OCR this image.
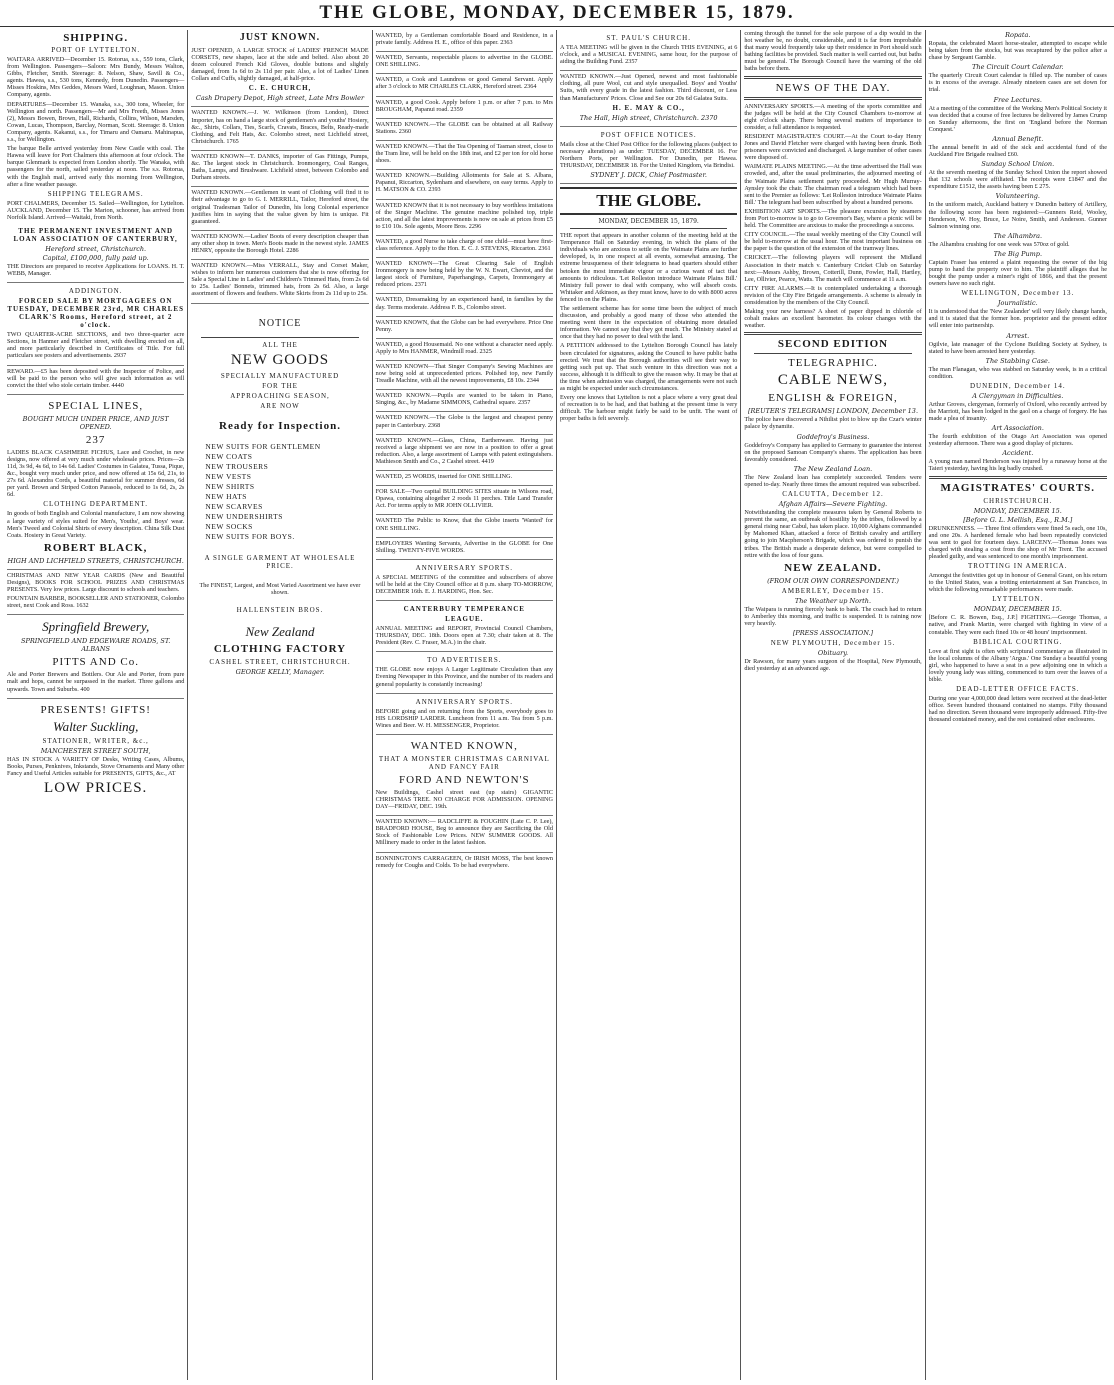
THE GLOBE, MONDAY, DECEMBER 15, 1879.
SHIPPING.
PORT OF LYTTELTON.

WAITARA ARRIVED—December 15. Rotorua, s.s., 559 tons, Clark, from Wellington. Passengers—Saloon: Mrs Bundy, Messrs Walton, Gibbs, Fletcher, Smith. Steerage: 8. Nelson, Shaw, Savill & Co., agents. Hawea, s.s., 530 tons, Kennedy, from Dunedin. Passengers—Misses Hoskins, Mrs Geddes, Messrs Ward, Loughnan, Mason. Union Company, agents.

DEPARTURES—December 15. Wanaka, s.s., 300 tons, Wheeler, for Wellington and north. Passengers—Mr and Mrs Freeth, Misses Jones (2), Messrs Bowen, Brown, Hall, Richards, Collins, Wilson, Marsden, Cowan, Lucas, Thompson, Barclay, Norman, Scott. Steerage: 8. Union Company, agents. Kakanui, s.s., for Timaru and Oamaru. Mahinapua, s.s., for Wellington.

The barque Belle arrived yesterday from New Castle with coal. The Hawea will leave for Port Chalmers this afternoon at four o'clock. The barque Glenmark is expected from London shortly. The Wanaka, with passengers for the north, sailed yesterday at noon. The s.s. Rotorua, with the English mail, arrived early this morning from Wellington, after a fine weather passage.

SHIPPING TELEGRAMS.

PORT CHALMERS, December 15. Sailed—Wellington, for Lyttelton. AUCKLAND, December 15. The Marion, schooner, has arrived from Norfolk Island. Arrived—Waitaki, from North.

THE PERMANENT INVESTMENT AND LOAN ASSOCIATION OF CANTERBURY,
Hereford street, Christchurch.
Capital, £100,000, fully paid up.

THE Directors are prepared to receive Applications for LOANS. H. T. WEBB, Manager.

ADDINGTON.
FORCED SALE BY MORTGAGEES ON TUESDAY, DECEMBER 23rd, MR CHARLES CLARK'S Rooms, Hereford street, at 2 o'clock.

TWO QUARTER-ACRE SECTIONS, and two three-quarter acre Sections, in Hanmer and Fletcher street, with dwelling erected on all, and more particularly described in Certificates of Title. For full particulars see posters and advertisements. 2937

REWARD.—£5 has been deposited with the Inspector of Police, and will be paid to the person who will give such information as will convict the thief who stole certain timber. 4440

SPECIAL LINES,
BOUGHT MUCH UNDER PRICE, AND JUST OPENED.
237

LADIES BLACK CASHMERE FICHUS, Lace and Crochet, in new designs, now offered at very much under wholesale prices. Prices—2s 11d, 3s 9d, 4s 6d, to 14s 6d. Ladies' Costumes in Galatea, Tussa, Pique, &c., bought very much under price, and now offered at 15s 6d, 21s, to 27s 6d. Alexandra Cords, a beautiful material for summer dresses, 6d per yard. Brown and Striped Cotton Parasols, reduced to 1s 6d, 2s, 2s 6d.

CLOTHING DEPARTMENT.

In goods of both English and Colonial manufacture, I am now showing a large variety of styles suited for Men's, Youths', and Boys' wear. Men's Tweed and Colonial Shirts of every description. China Silk Dust Coats. Hosiery in Great Variety.

ROBERT BLACK,
HIGH AND LICHFIELD STREETS, CHRISTCHURCH.

CHRISTMAS AND NEW YEAR CARDS (New and Beautiful Designs), BOOKS FOR SCHOOL PRIZES AND CHRISTMAS PRESENTS. Very low prices. Large discount to schools and teachers.

FOUNTAIN BARBER, BOOKSELLER AND STATIONER, Colombo street, next Cook and Ross. 1632

Springfield Brewery,
SPRINGFIELD AND EDGEWARE ROADS, ST. ALBANS
PITTS AND Co.

Ale and Porter Brewers and Bottlers. Our Ale and Porter, from pure malt and hops, cannot be surpassed in the market. Three gallons and upwards. Town and Suburbs. 400

PRESENTS! GIFTS!
Walter Suckling,
STATIONER, WRITER, &c.,
MANCHESTER STREET SOUTH,

HAS IN STOCK A VARIETY OF Desks, Writing Cases, Albums, Books, Purses, Penknives, Inkstands, Stove Ornaments and Many other Fancy and Useful Articles suitable for PRESENTS, GIFTS, &c., AT

LOW PRICES.
JUST KNOWN.

JUST OPENED, A LARGE STOCK of LADIES' FRENCH MADE CORSETS, new shapes, lace at the side and belted. Also about 20 dozen coloured French Kid Gloves, double buttons and slightly damaged, from 1s 6d to 2s 11d per pair. Also, a lot of Ladies' Linen Collars and Cuffs, slightly damaged, at half-price.

C. E. CHURCH,
Cash Drapery Depot, High street, Late Mrs Bowler

WANTED KNOWN.—J. W. Wilkinson (from London), Direct Importer, has on hand a large stock of gentlemen's and youths' Hosiery, &c., Shirts, Collars, Ties, Scarfs, Cravats, Braces, Belts, Ready-made Clothing, and Felt Hats, &c. Colombo street, next Lichfield street, Christchurch. 1765

WANTED KNOWN—T. DANKS, importer of Gas Fittings, Pumps, &c. The largest stock in Christchurch. Ironmongery, Coal Ranges, Baths, Lamps, and Brushware. Lichfield street, between Colombo and Durham streets.

WANTED KNOWN.—Gentlemen in want of Clothing will find it to their advantage to go to G. I. MERRILL, Tailor, Hereford street, the original Tradesman Tailor of Dunedin, his long Colonial experience justifies him in saying that the value given by him is unique. Fit guaranteed.

WANTED KNOWN.—Ladies' Boots of every description cheaper than any other shop in town. Men's Boots made in the newest style. JAMES HENRY, opposite the Borough Hotel. 2286

WANTED KNOWN.—Miss VERRALL, Stay and Corset Maker, wishes to inform her numerous customers that she is now offering for Sale a Special Line in Ladies' and Children's Trimmed Hats, from 2s 6d to 25s. Ladies' Bonnets, trimmed hats, from 2s 6d. Also, a large assortment of flowers and feathers. White Skirts from 2s 11d up to 25s.

NOTICE
ALL THE
NEW GOODS
SPECIALLY MANUFACTURED
FOR THE
APPROACHING SEASON,
ARE NOW
Ready for Inspection.
NEW SUITS FOR GENTLEMEN
NEW COATS
NEW TROUSERS
NEW VESTS
NEW SHIRTS
NEW HATS
NEW SCARVES
NEW UNDERSHIRTS
NEW SOCKS
NEW SUITS FOR BOYS.
A SINGLE GARMENT AT WHOLESALE PRICE.

The FINEST, Largest, and Most Varied Assortment we have ever shown.

HALLENSTEIN BROS.
New Zealand
CLOTHING FACTORY
CASHEL STREET, CHRISTCHURCH.
GEORGE KELLY, Manager.

WANTED, by a Gentleman comfortable Board and Residence, in a private family. Address H. E., office of this paper. 2363

WANTED, Servants, respectable places to advertise in the GLOBE. ONE SHILLING.

WANTED, a Cook and Laundress or good General Servant. Apply after 3 o'clock to MR CHARLES CLARK, Hereford street. 2364

WANTED, a good Cook. Apply before 1 p.m. or after 7 p.m. to Mrs BROUGHAM, Papanui road. 2359

WANTED KNOWN.—The GLOBE can be obtained at all Railway Stations. 2360

WANTED KNOWN.—That the Tea Opening of Tasman street, close to the Tram line, will be held on the 18th inst, and £2 per ton for old horse shoes.

WANTED KNOWN.—Building Allotments for Sale at S. Albans, Papanui, Riccarton, Sydenham and elsewhere, on easy terms. Apply to H. MATSON & CO. 2393

WANTED KNOWN that it is not necessary to buy worthless imitations of the Singer Machine. The genuine machine polished top, triple action, and all the latest improvements is now on sale at prices from £5 to £10 10s. Sole agents, Moore Bros. 2296

WANTED, a good Nurse to take charge of one child—must have first-class reference. Apply to the Hon. E. C. J. STEVENS, Riccarton. 2361

WANTED KNOWN—The Great Clearing Sale of English Ironmongery is now being held by the W. N. Ewart, Cheviot, and the largest stock of Furniture, Paperhangings, Carpets, Ironmongery at reduced prices. 2371

WANTED, Dressmaking by an experienced hand, in families by the day. Terms moderate. Address F. B., Colombo street.

WANTED KNOWN, that the Globe can be had everywhere. Price One Penny.

WANTED, a good Housemaid. No one without a character need apply. Apply to Mrs HANMER, Windmill road. 2325

WANTED KNOWN—That Singer Company's Sewing Machines are now being sold at unprecedented prices. Polished top, new Family Treadle Machine, with all the newest improvements, £8 10s. 2344

WANTED KNOWN.—Pupils are wanted to be taken in Piano, Singing, &c., by Madame SIMMONS, Cathedral square. 2357

WANTED KNOWN.—The Globe is the largest and cheapest penny paper in Canterbury. 2368

WANTED KNOWN.—Glass, China, Earthenware. Having just received a large shipment we are now in a position to offer a great reduction. Also, a large assortment of Lamps with patent extinguishers. Mathieson Smith and Co., 2 Cashel street. 4419

WANTED, 25 WORDS, inserted for ONE SHILLING.

FOR SALE—Two capital BUILDING SITES situate in Wilsons road, Opawa, containing altogether 2 roods 11 perches. Title Land Transfer Act. For terms apply to MR JOHN OLLIVIER.

WANTED The Public to Know, that the Globe inserts 'Wanted' for ONE SHILLING.

EMPLOYERS Wanting Servants, Advertise in the GLOBE for One Shilling. TWENTY-FIVE WORDS.

ANNIVERSARY SPORTS.

A SPECIAL MEETING of the committee and subscribers of above will be held at the City Council office at 8 p.m. sharp TO-MORROW, DECEMBER 16th. E. J. HARDING, Hon. Sec.

CANTERBURY TEMPERANCE
LEAGUE.

ANNUAL MEETING and REPORT, Provincial Council Chambers, THURSDAY, DEC. 18th. Doors open at 7.30; chair taken at 8. The President (Rev. C. Fraser, M.A.) in the chair.

TO ADVERTISERS.

THE GLOBE now enjoys A Larger Legitimate Circulation than any Evening Newspaper in this Province, and the number of its readers and general popularity is constantly increasing!

ANNIVERSARY SPORTS.

BEFORE going and on returning from the Sports, everybody goes to HIS LORDSHIP LARDER. Luncheon from 11 a.m. Tea from 5 p.m. Wines and Beer. W. H. MESSENGER, Proprietor.

WANTED KNOWN,
THAT A MONSTER CHRISTMAS CARNIVAL AND FANCY FAIR
FORD AND NEWTON'S

New Buildings, Cashel street east (up stairs) GIGANTIC CHRISTMAS TREE. NO CHARGE FOR ADMISSION. OPENING DAY—FRIDAY, DEC. 19th.

WANTED KNOWN:— RADCLIFFE & FOUGHIN (Late C. P. Lee), BRADFORD HOUSE, Beg to announce they are Sacrificing the Old Stock of Fashionable Low Prices. NEW SUMMER GOODS. All Millinery made to order in the latest fashion.

BONNINGTON'S CARRAGEEN, Or IRISH MOSS, The best known remedy for Coughs and Colds. To be had everywhere.

ST. PAUL'S CHURCH.

A TEA MEETING will be given in the Church THIS EVENING, at 6 o'clock, and a MUSICAL EVENING, same hour, for the purpose of aiding the Building Fund. 2357

WANTED KNOWN.—Just Opened, newest and most fashionable clothing, all pure Wool, cut and style unequalled. Boys' and Youths' Suits, with every grade in the latest fashion. Third discount, or Less than Manufacturers' Prices. Close and See our 20s 6d Galatea Suits.

H. E. MAY & CO.,
The Hall, High street, Christchurch. 2370
POST OFFICE NOTICES.

Mails close at the Chief Post Office for the following places (subject to necessary alterations) as under: TUESDAY, DECEMBER 16. For Northern Ports, per Wellington. For Dunedin, per Hawea. THURSDAY, DECEMBER 18. For the United Kingdom, via Brindisi.

SYDNEY J. DICK, Chief Postmaster.
THE GLOBE.
MONDAY, DECEMBER 15, 1879.

THE report that appears in another column of the meeting held at the Temperance Hall on Saturday evening, in which the plans of the individuals who are anxious to settle on the Waimate Plains are further developed, is, in one respect at all events, somewhat amusing. The extreme brusqueness of their telegrams to head quarters should either betoken the most immediate vigour or a curious want of tact that amounts to ridiculous. 'Let Rolleston introduce Waimate Plains Bill.' Ministry full power to deal with company, who will absorb costs. Whitaker and Atkinson, as they must know, have to do with 8000 acres fenced in on the Plains.

The settlement scheme has for some time been the subject of much discussion, and probably a good many of those who attended the meeting went there in the expectation of obtaining more detailed information. We cannot say that they got much. The Ministry stated at once that they had no power to deal with the land.

A PETITION addressed to the Lyttelton Borough Council has lately been circulated for signatures, asking the Council to have public baths erected. We trust that the Borough authorities will see their way to getting such put up. That such venture in this direction was not a success, although it is difficult to give the reason why. It may be that at the time when admission was charged, the arrangements were not such as might be expected under such circumstances.

Every one knows that Lyttelton is not a place where a very great deal of recreation is to be had, and that bathing at the present time is very difficult. The harbour might fairly be said to be unfit. The want of proper baths is felt severely.

coming through the tunnel for the sole purpose of a dip would in the hot weather be, no doubt, considerable, and it is far from improbable that many would frequently take up their residence in Port should such bathing facilities be provided. Such matter is well carried out, but baths must be general. The Borough Council have the warning of the old baths before them.

NEWS OF THE DAY.

ANNIVERSARY SPORTS.—A meeting of the sports committee and the judges will be held at the City Council Chambers to-morrow at eight o'clock sharp. There being several matters of importance to consider, a full attendance is requested.

RESIDENT MAGISTRATE'S COURT.—At the Court to-day Henry Jones and David Fletcher were charged with having been drunk. Both prisoners were convicted and discharged. A large number of other cases were disposed of.

WAIMATE PLAINS MEETING.—At the time advertised the Hall was crowded, and, after the usual preliminaries, the adjourned meeting of the Waimate Plains settlement party proceeded. Mr Hugh Murray-Aynsley took the chair. The chairman read a telegram which had been sent to the Premier as follows: 'Let Rolleston introduce Waimate Plains Bill.' The telegram had been subscribed by about a hundred persons.

EXHIBITION ART SPORTS.—The pleasure excursion by steamers from Port to-morrow is to go to Governor's Bay, where a picnic will be held. The Committee are anxious to make the proceedings a success.

CITY COUNCIL.—The usual weekly meeting of the City Council will be held to-morrow at the usual hour. The most important business on the paper is the question of the extension of the tramway lines.

CRICKET.—The following players will represent the Midland Association in their match v. Canterbury Cricket Club on Saturday next:—Messrs Ashby, Brown, Cotterill, Dunn, Fowler, Hall, Hartley, Lee, Ollivier, Pearce, Watts. The match will commence at 11 a.m.

CITY FIRE ALARMS.—It is contemplated undertaking a thorough revision of the City Fire Brigade arrangements. A scheme is already in consideration by the members of the City Council.

Making your new harness? A sheet of paper dipped in chloride of cobalt makes an excellent barometer. Its colour changes with the weather.

SECOND EDITION
TELEGRAPHIC.
CABLE NEWS,
ENGLISH & FOREIGN,
[REUTER'S TELEGRAMS] LONDON, December 13.

The police have discovered a Nihilist plot to blow up the Czar's winter palace by dynamite.

Goddefroy's Business.

Goddefroy's Company has applied to Germany to guarantee the interest on the proposed Samoan Company's shares. The application has been favorably considered.

The New Zealand Loan.

The New Zealand loan has completely succeeded. Tenders were opened to-day. Nearly three times the amount required was subscribed.

CALCUTTA, December 12.
Afghan Affairs—Severe Fighting.

Notwithstanding the complete measures taken by General Roberts to prevent the same, an outbreak of hostility by the tribes, followed by a general rising near Cabul, has taken place. 10,000 Afghans commanded by Mahomed Khan, attacked a force of British cavalry and artillery going to join Macpherson's Brigade, which was ordered to punish the tribes. The British made a desperate defence, but were compelled to retire with the loss of four guns.

NEW ZEALAND.
(FROM OUR OWN CORRESPONDENT.)
AMBERLEY, December 15.
The Weather up North.

The Waipara is running fiercely bank to bank. The coach had to return to Amberley this morning, and traffic is suspended. It is raining now very heavily.

[PRESS ASSOCIATION.]
NEW PLYMOUTH, December 15.
Obituary.

Dr Rawson, for many years surgeon of the Hospital, New Plymouth, died yesterday at an advanced age.

Ropata.

Ropata, the celebrated Maori horse-stealer, attempted to escape while being taken from the stocks, but was recaptured by the police after a chase by Sergeant Gamble.

The Circuit Court Calendar.

The quarterly Circuit Court calendar is filled up. The number of cases is in excess of the average. Already nineteen cases are set down for trial.

Free Lectures.

At a meeting of the committee of the Working Men's Political Society it was decided that a course of free lectures be delivered by James Crump on Sunday afternoons, the first on 'England before the Norman Conquest.'

Annual Benefit.

The annual benefit in aid of the sick and accidental fund of the Auckland Fire Brigade realised £60.

Sunday School Union.

At the seventh meeting of the Sunday School Union the report showed that 132 schools were affiliated. The receipts were £1847 and the expenditure £1512, the assets having been £ 275.

Volunteering.

In the uniform match, Auckland battery v Dunedin battery of Artillery, the following score has been registered:—Gunners Reid, Wooley, Henderson, W. Hoy, Bruce, Le Noire, Smith, and Anderson. Gunner Salmon winning one.

The Alhambra.

The Alhambra crushing for one week was 570oz of gold.

The Big Pump.

Captain Fraser has entered a plaint requesting the owner of the big pump to hand the property over to him. The plaintiff alleges that he bought the pump under a miner's right of 1866, and that the present owners have no such right.

WELLINGTON, December 13.
Journalistic.

It is understood that the 'New Zealander' will very likely change hands, and it is stated that the former hon. proprietor and the present editor will enter into partnership.

Arrest.

Ogilvie, late manager of the Cyclone Building Society at Sydney, is stated to have been arrested here yesterday.

The Stabbing Case.

The man Flanagan, who was stabbed on Saturday week, is in a critical condition.

DUNEDIN, December 14.
A Clergyman in Difficulties.

Arthur Groves, clergyman, formerly of Oxford, who recently arrived by the Marriott, has been lodged in the gaol on a charge of forgery. He has made a plea of insanity.

Art Association.

The fourth exhibition of the Otago Art Association was opened yesterday afternoon. There was a good display of pictures.

Accident.

A young man named Henderson was injured by a runaway horse at the Taieri yesterday, having his leg badly crushed.

MAGISTRATES' COURTS.
CHRISTCHURCH.
MONDAY, DECEMBER 15.
[Before G. L. Mellish, Esq., R.M.]

DRUNKENNESS. — Three first offenders were fined 5s each, one 10s, and one 20s. A hardened female who had been repeatedly convicted was sent to gaol for fourteen days. LARCENY.—Thomas Jones was charged with stealing a coat from the shop of Mr Trent. The accused pleaded guilty, and was sentenced to one month's imprisonment.

TROTTING IN AMERICA.

Amongst the festivities got up in honour of General Grant, on his return to the United States, was a trotting entertainment at San Francisco, in which the following remarkable performances were made.

LYTTELTON.
MONDAY, DECEMBER 15.

[Before C. R. Bowen, Esq., J.P.] FIGHTING.—George Thomas, a native, and Frank Martin, were charged with fighting in view of a constable. They were each fined 10s or 48 hours' imprisonment.

BIBLICAL COURTING.

Love at first sight is often with scriptural commentary as illustrated in the local columns of the Albany 'Argus.' One Sunday a beautiful young girl, who happened to have a seat in a pew adjoining one in which a lovely young lady was sitting, commenced to turn over the leaves of a bible.

DEAD-LETTER OFFICE FACTS.

During one year 4,000,000 dead letters were received at the dead-letter office. Seven hundred thousand contained no stamps. Fifty thousand had no direction. Seven thousand were improperly addressed. Fifty-five thousand contained money, and the rest contained other enclosures.
